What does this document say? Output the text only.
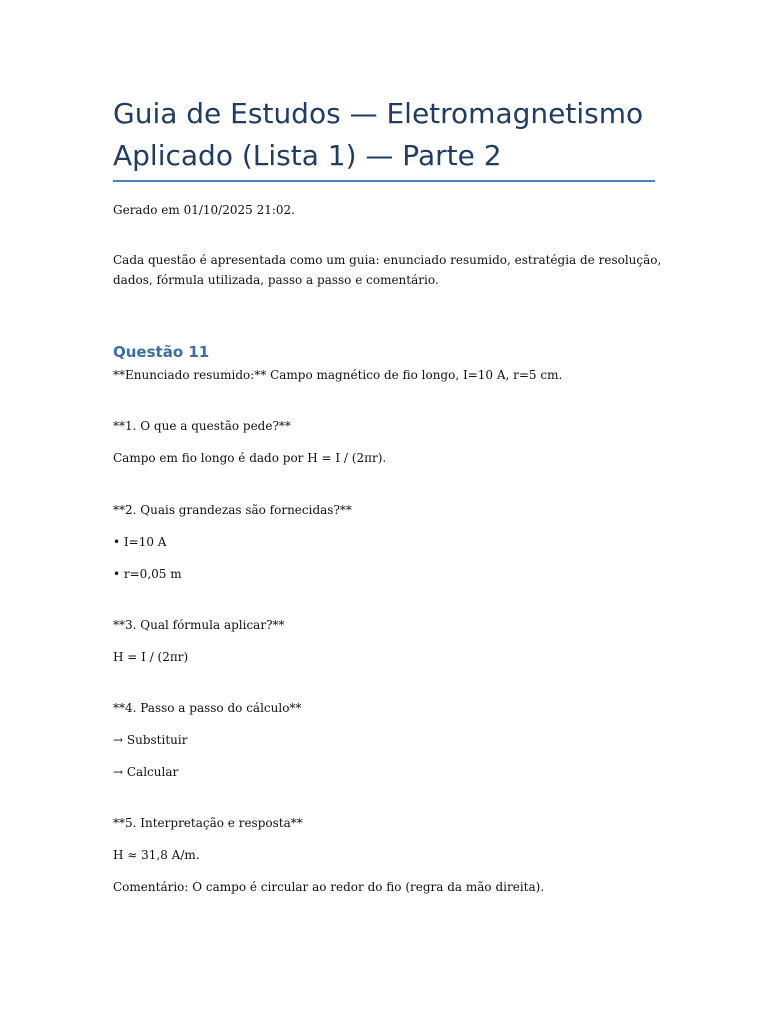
Guia de Estudos — Eletromagnetismo Aplicado (Lista 1) — Parte 2

Gerado em 01/10/2025 21:02.

Cada questão é apresentada como um guia: enunciado resumido, estratégia de resolução,

dados, fórmula utilizada, passo a passo e comentário.

Questão 11

**Enunciado resumido:** Campo magnético de fio longo, I=10 A, r=5 cm.

**1. O que a questão pede?**

Campo em fio longo é dado por H = I / (2πr).

**2. Quais grandezas são fornecidas?**

• I=10 A

• r=0,05 m

**3. Qual fórmula aplicar?**

H = I / (2πr)

**4. Passo a passo do cálculo**

→ Substituir

→ Calcular

**5. Interpretação e resposta**

H ≈ 31,8 A/m.

Comentário: O campo é circular ao redor do fio (regra da mão direita).
